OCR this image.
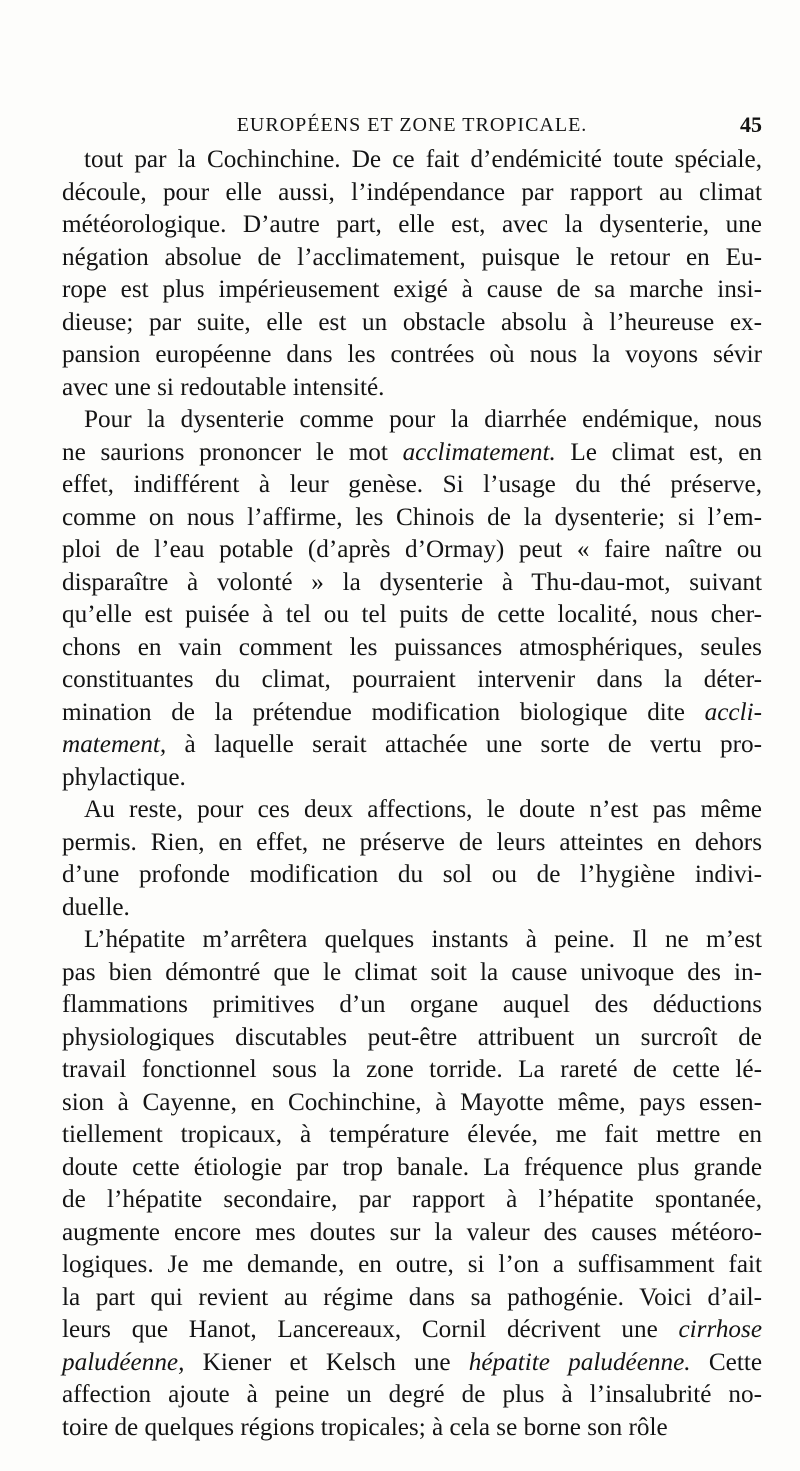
EUROPÉENS ET ZONE TROPICALE.	45
tout par la Cochinchine. De ce fait d’endémicité toute spéciale,
découle, pour elle aussi, l’indépendance par rapport au climat
météorologique. D’autre part, elle est, avec la dysenterie, une
négation absolue de l’acclimatement, puisque le retour en Eu-
rope est plus impérieusement exigé à cause de sa marche insi-
dieuse; par suite, elle est un obstacle absolu à l’heureuse ex-
pansion européenne dans les contrées où nous la voyons sévir
avec une si redoutable intensité.
Pour la dysenterie comme pour la diarrhée endémique, nous
ne saurions prononcer le mot acclimatement. Le climat est, en
effet, indifférent à leur genèse. Si l’usage du thé préserve,
comme on nous l’affirme, les Chinois de la dysenterie; si l’em-
ploi de l’eau potable (d’après d’Ormay) peut « faire naître ou
disparaître à volonté » la dysenterie à Thu-dau-mot, suivant
qu’elle est puisée à tel ou tel puits de cette localité, nous cher-
chons en vain comment les puissances atmosphériques, seules
constituantes du climat, pourraient intervenir dans la déter-
mination de la prétendue modification biologique dite accli-
matement, à laquelle serait attachée une sorte de vertu pro-
phylactique.
Au reste, pour ces deux affections, le doute n’est pas même
permis. Rien, en effet, ne préserve de leurs atteintes en dehors
d’une profonde modification du sol ou de l’hygiène indivi-
duelle.
L’hépatite m’arrêtera quelques instants à peine. Il ne m’est
pas bien démontré que le climat soit la cause univoque des in-
flammations primitives d’un organe auquel des déductions
physiologiques discutables peut-être attribuent un surcroît de
travail fonctionnel sous la zone torride. La rareté de cette lé-
sion à Cayenne, en Cochinchine, à Mayotte même, pays essen-
tiellement tropicaux, à température élevée, me fait mettre en
doute cette étiologie par trop banale. La fréquence plus grande
de l’hépatite secondaire, par rapport à l’hépatite spontanée,
augmente encore mes doutes sur la valeur des causes météoro-
logiques. Je me demande, en outre, si l’on a suffisamment fait
la part qui revient au régime dans sa pathogénie. Voici d’ail-
leurs que Hanot, Lancereaux, Cornil décrivent une cirrhose
paludéenne, Kiener et Kelsch une hépatite paludéenne. Cette
affection ajoute à peine un degré de plus à l’insalubrité no-
toire de quelques régions tropicales; à cela se borne son rôle
